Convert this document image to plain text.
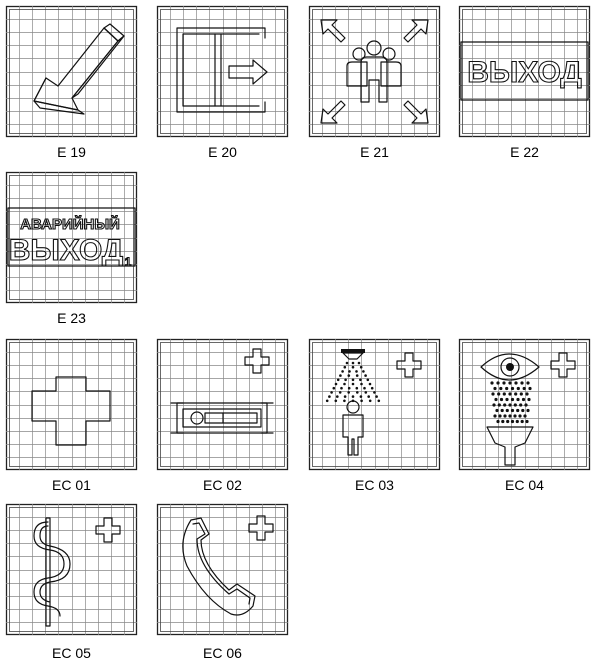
E 19	E 20	E 21
ВЫХОД
E 22
АВАРИЙНЫЙ
ВЫХОД 1
E 23
EC 01	EC 02	EC 03	EC 04
EC 05	EC 06
